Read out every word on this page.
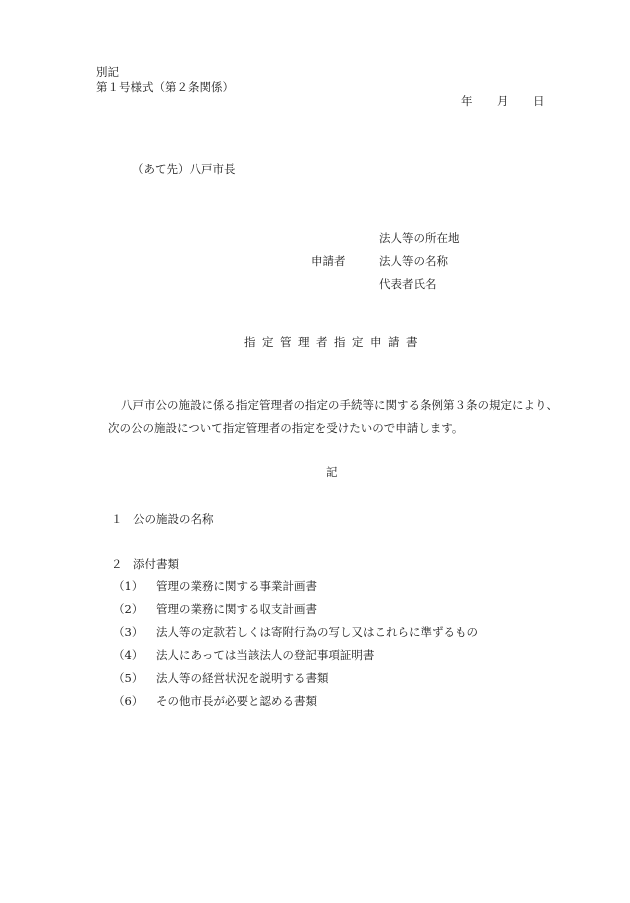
別記
第１号様式（第２条関係）
年 月 日
（あて先）八戸市長
法人等の所在地
申請者	法人等の名称
代表者氏名
指定管理者指定申請書
八戸市公の施設に係る指定管理者の指定の手続等に関する条例第３条の規定により、
次の公の施設について指定管理者の指定を受けたいので申請します。
記
１ 公の施設の名称
２ 添付書類
（1） 管理の業務に関する事業計画書
（2） 管理の業務に関する収支計画書
（3） 法人等の定款若しくは寄附行為の写し又はこれらに準ずるもの
（4） 法人にあっては当該法人の登記事項証明書
（5） 法人等の経営状況を説明する書類
（6） その他市長が必要と認める書類
